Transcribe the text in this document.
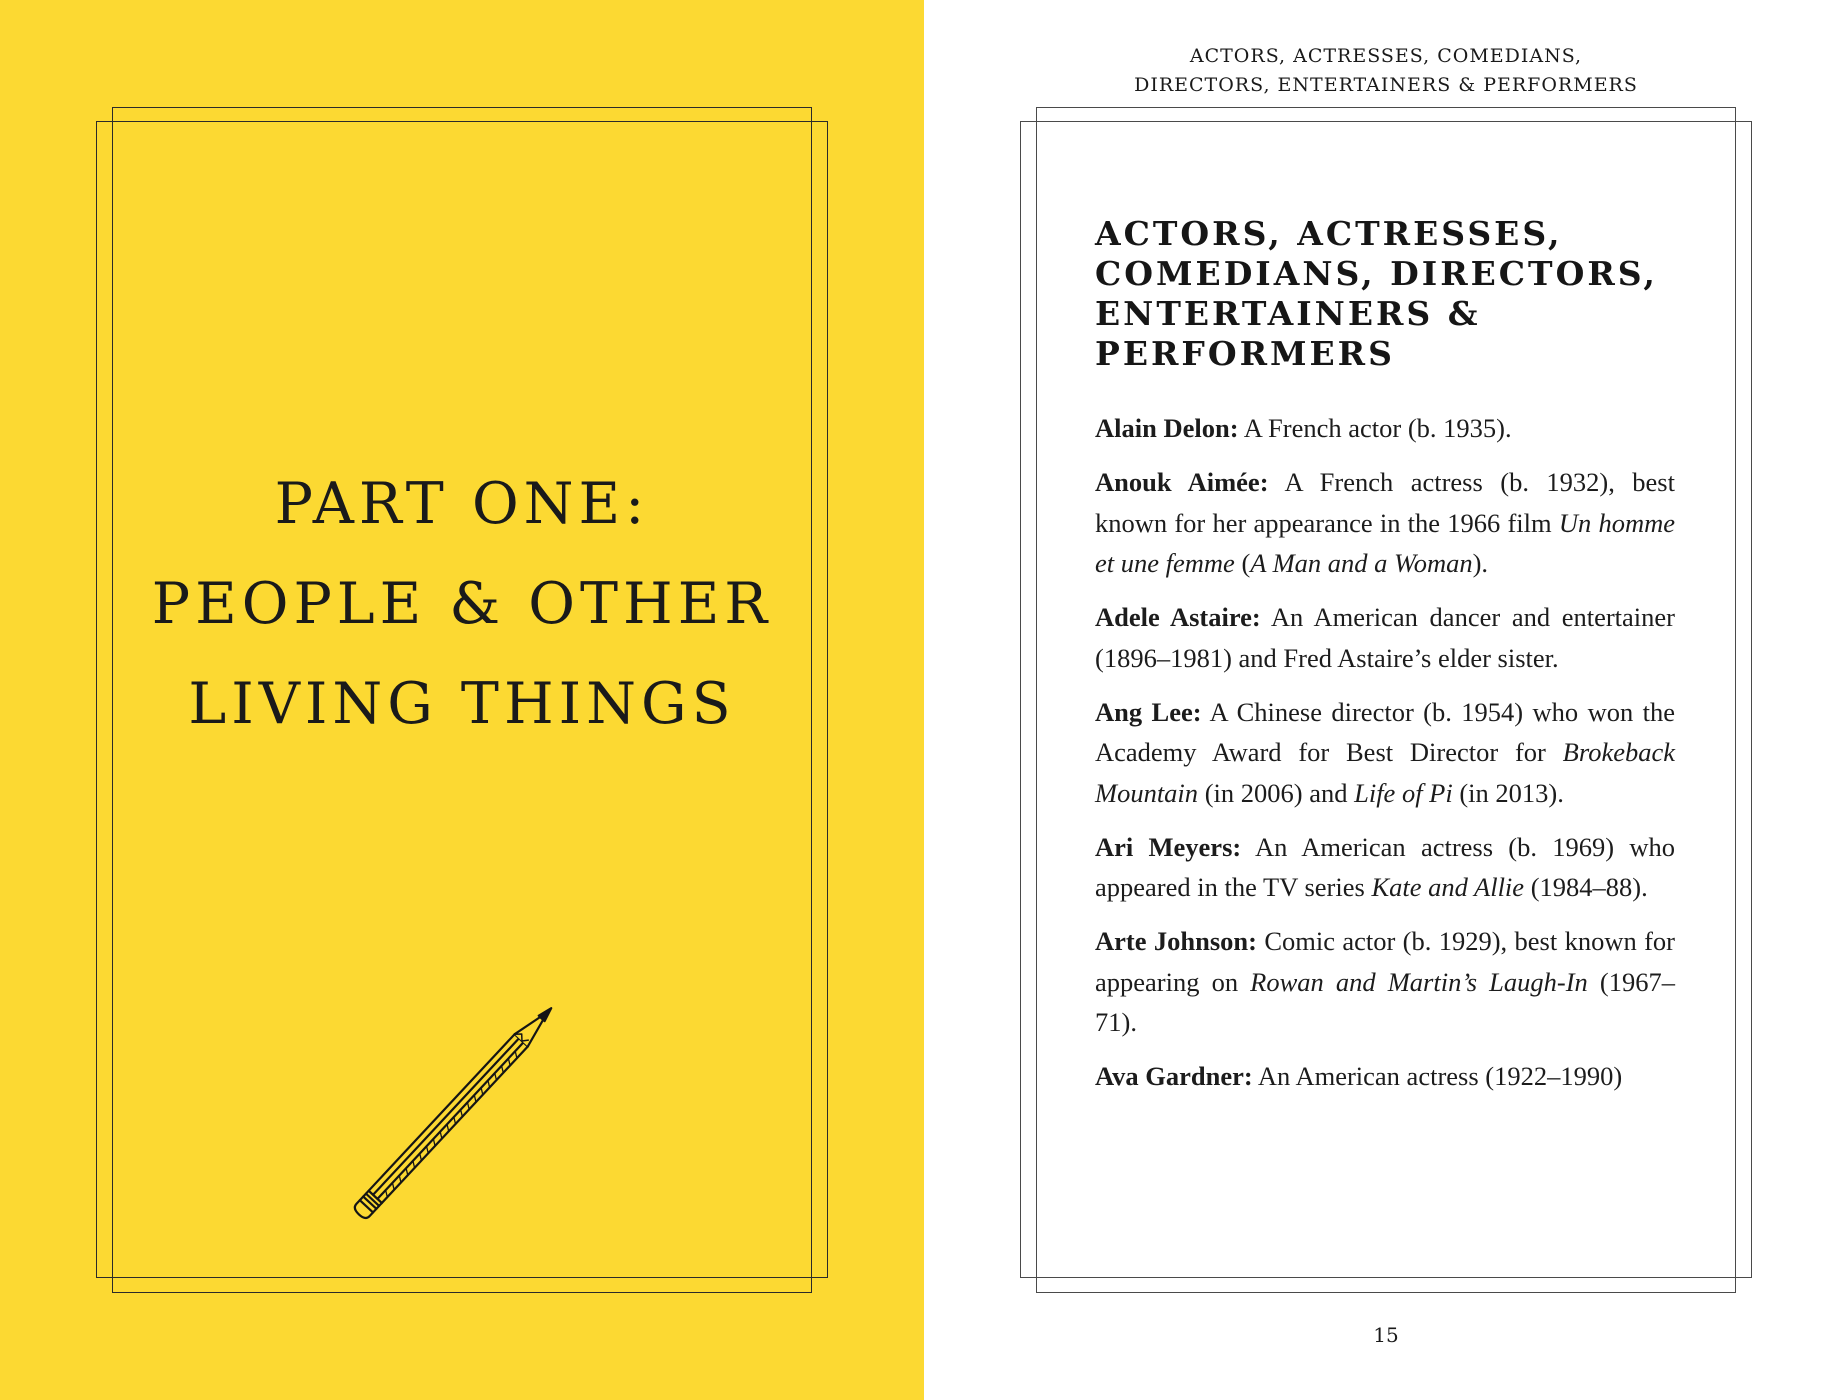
PART ONE:
PEOPLE & OTHER
LIVING THINGS
ACTORS, ACTRESSES, COMEDIANS,
DIRECTORS, ENTERTAINERS & PERFORMERS
ACTORS, ACTRESSES,
COMEDIANS, DIRECTORS,
ENTERTAINERS &
PERFORMERS

Alain Delon: A French actor (b. 1935).

Anouk Aimée: A French actress (b. 1932), best known for her appearance in the 1966 film Un homme et une femme (A Man and a Woman).

Adele Astaire: An American dancer and entertainer (1896–1981) and Fred Astaire’s elder sister.

Ang Lee: A Chinese director (b. 1954) who won the Academy Award for Best Director for Brokeback Mountain (in 2006) and Life of Pi (in 2013).

Ari Meyers: An American actress (b. 1969) who appeared in the TV series Kate and Allie (1984–88).

Arte Johnson: Comic actor (b. 1929), best known for appearing on Rowan and Martin’s Laugh-In (1967–71).

Ava Gardner: An American actress (1922–1990)

15
